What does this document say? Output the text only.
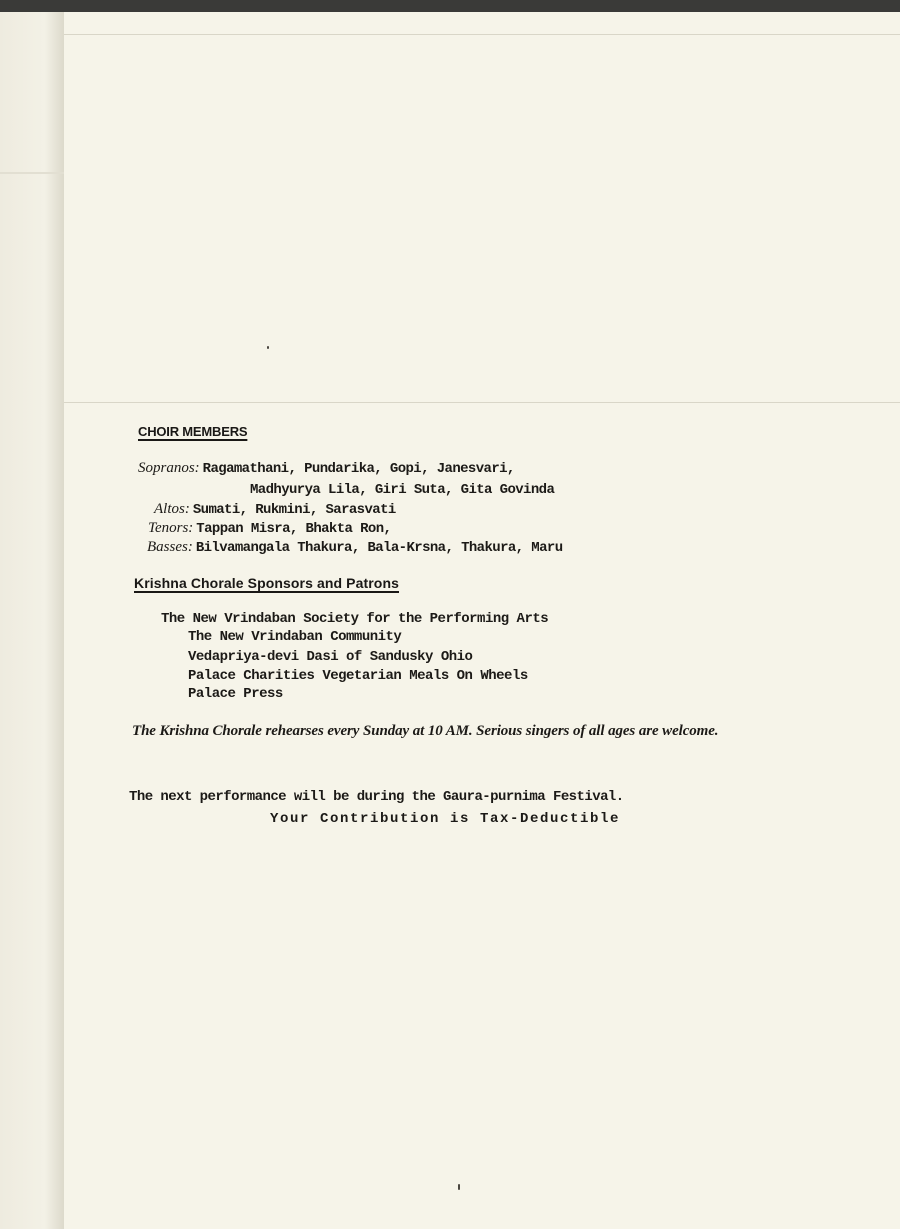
CHOIR MEMBERS
Sopranos: Ragamathani, Pundarika, Gopi, Janesvari,
Madhyurya Lila, Giri Suta, Gita Govinda
Altos: Sumati, Rukmini, Sarasvati
Tenors: Tappan Misra, Bhakta Ron,
Basses: Bilvamangala Thakura, Bala-Krsna, Thakura, Maru
Krishna Chorale Sponsors and Patrons
The New Vrindaban Society for the Performing Arts
The New Vrindaban Community
Vedapriya-devi Dasi of Sandusky Ohio
Palace Charities Vegetarian Meals On Wheels
Palace Press

The Krishna Chorale rehearses every Sunday at 10 AM. Serious singers of all ages are welcome.

The next performance will be during the Gaura-purnima Festival.

Your Contribution is Tax-Deductible
